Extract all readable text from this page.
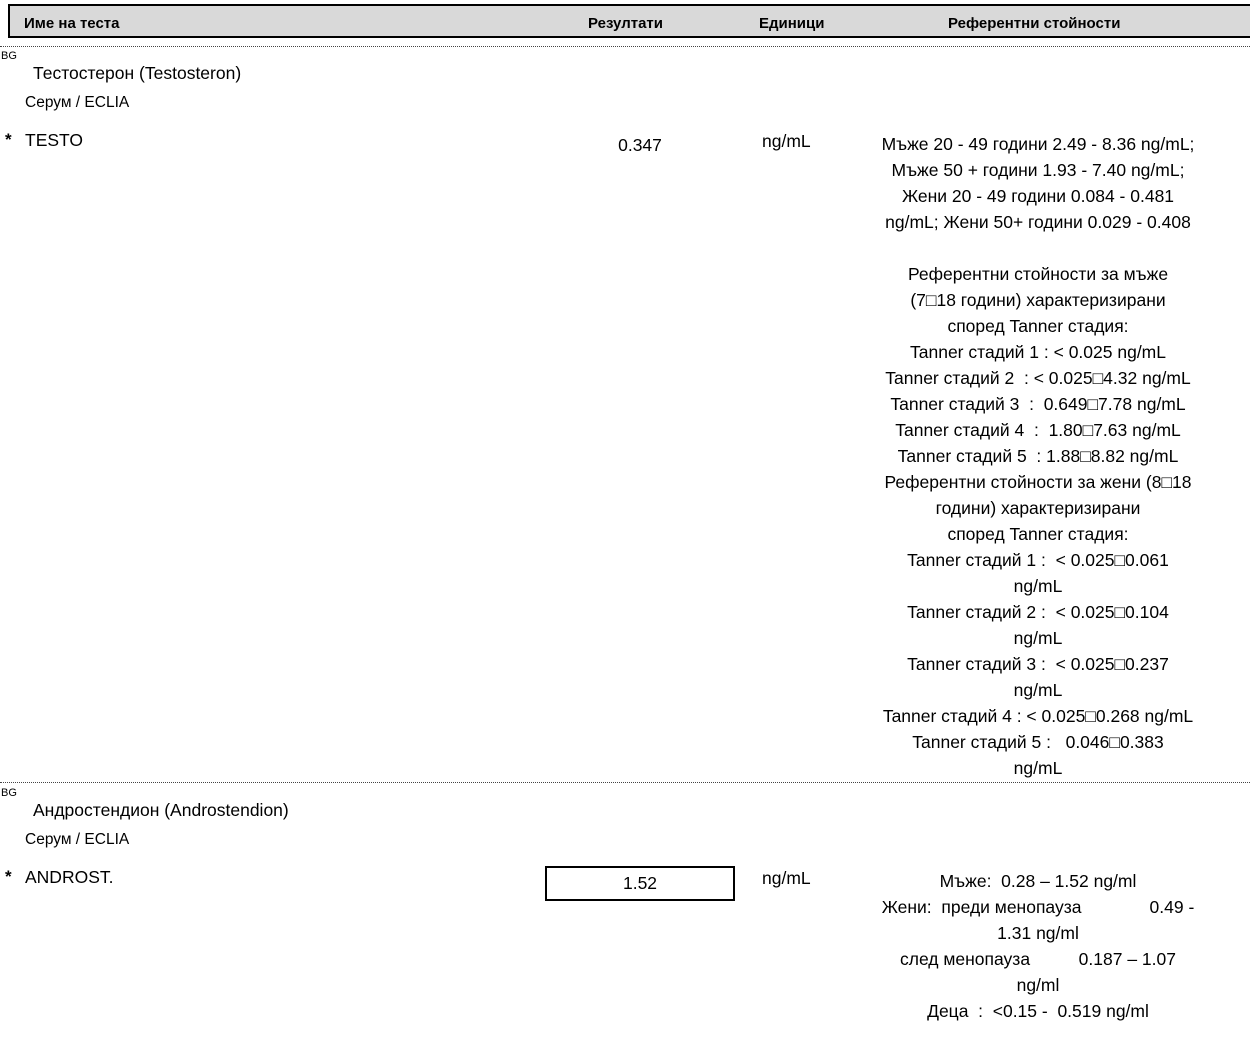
Име на теста	Резултати	Единици	Референтни стойности
BG
Тестостерон (Testosteron)
Серум / ECLIA
* TESTO	0.347	ng/mL	Мъже 20 - 49 години 2.49 - 8.36 ng/mL;
Мъже 50 + години 1.93 - 7.40 ng/mL;
Жени 20 - 49 години 0.084 - 0.481
ng/mL; Жени 50+ години 0.029 - 0.408

Референтни стойности за мъже
(7□18 години) характеризирани
според Tanner стадия:
Tanner стадий 1 : < 0.025 ng/mL
Tanner стадий 2  : < 0.025□4.32 ng/mL
Tanner стадий 3  :  0.649□7.78 ng/mL
Tanner стадий 4  :  1.80□7.63 ng/mL
Tanner стадий 5  : 1.88□8.82 ng/mL
Референтни стойности за жени (8□18
години) характеризирани
според Tanner стадия:
Tanner стадий 1 :  < 0.025□0.061
ng/mL
Tanner стадий 2 :  < 0.025□0.104
ng/mL
Tanner стадий 3 :  < 0.025□0.237
ng/mL
Tanner стадий 4 : < 0.025□0.268 ng/mL
Tanner стадий 5 :   0.046□0.383
ng/mL
BG
Андростендион (Androstendion)
Серум / ECLIA
* ANDROST.	1.52	ng/mL	Мъже:  0.28 – 1.52 ng/ml
Жени:  преди менопауза              0.49 -
1.31 ng/ml
след менопауза          0.187 – 1.07
ng/ml
Деца  :  <0.15 -  0.519 ng/ml
